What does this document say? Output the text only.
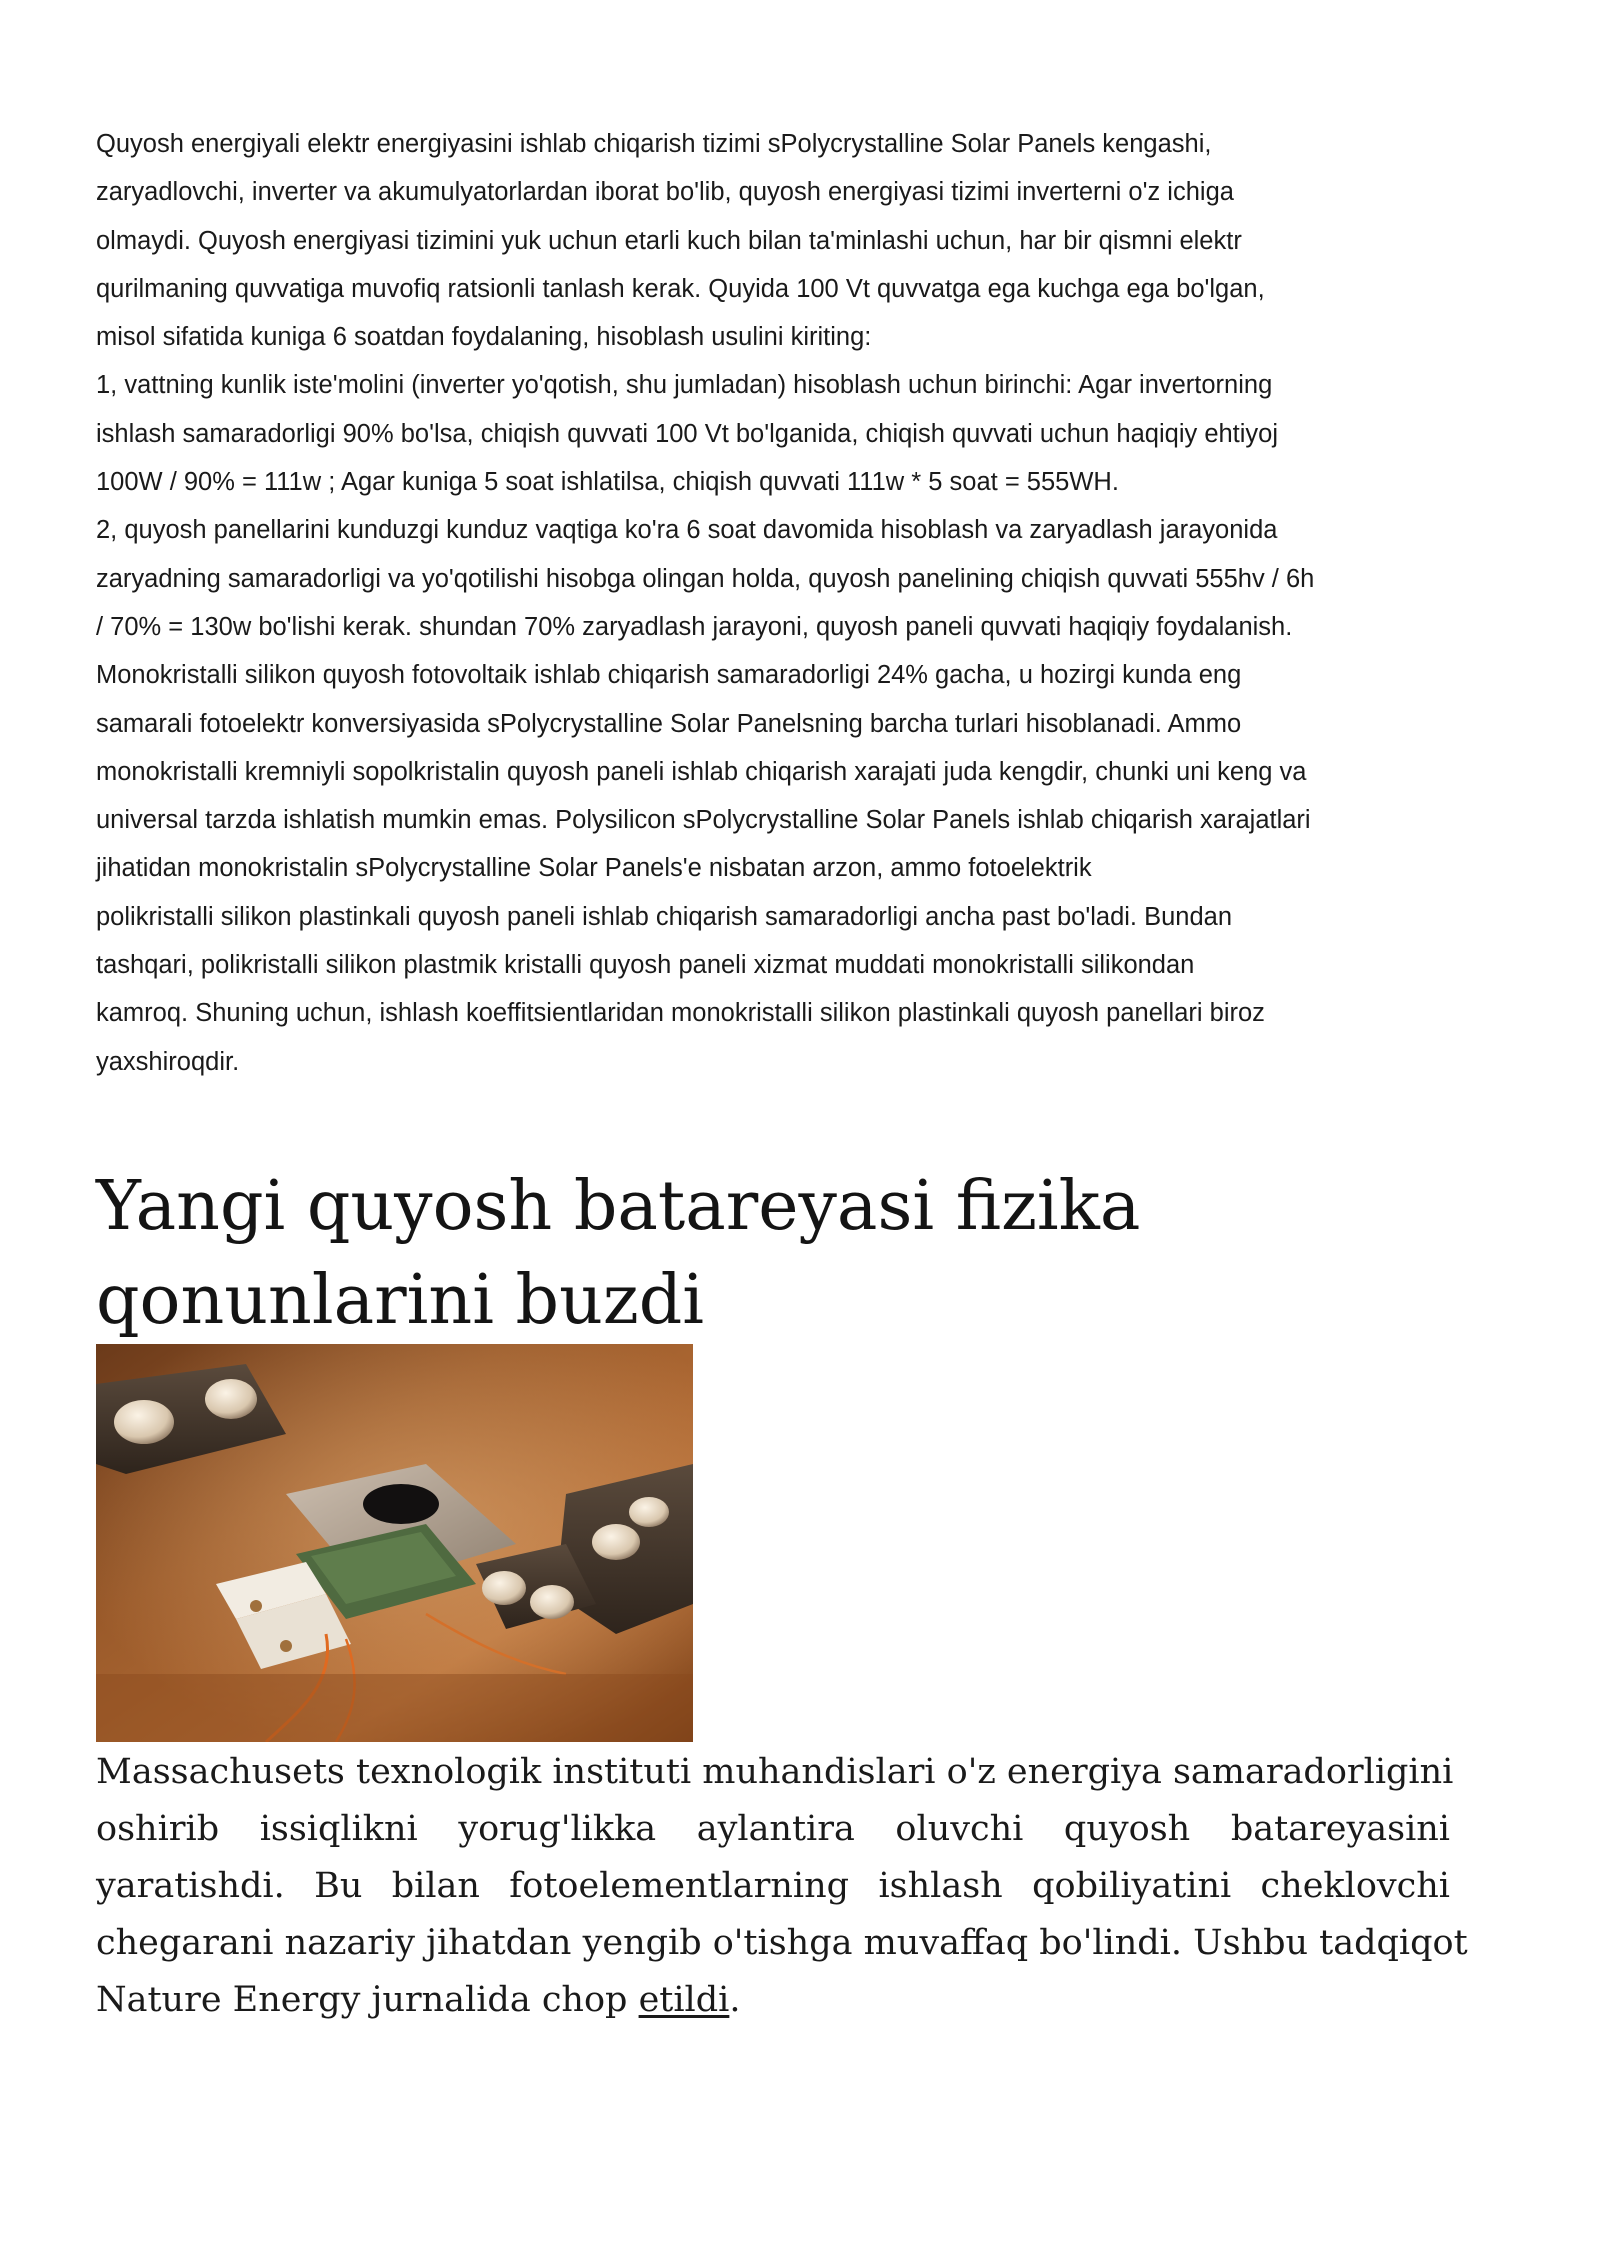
Quyosh energiyali elektr energiyasini ishlab chiqarish tizimi sPolycrystalline Solar Panels kengashi,
zaryadlovchi, inverter va akumulyatorlardan iborat bo'lib, quyosh energiyasi tizimi inverterni o'z ichiga
olmaydi. Quyosh energiyasi tizimini yuk uchun etarli kuch bilan ta'minlashi uchun, har bir qismni elektr
qurilmaning quvvatiga muvofiq ratsionli tanlash kerak. Quyida 100 Vt quvvatga ega kuchga ega bo'lgan,
misol sifatida kuniga 6 soatdan foydalaning, hisoblash usulini kiriting:
1, vattning kunlik iste'molini (inverter yo'qotish, shu jumladan) hisoblash uchun birinchi: Agar invertorning
ishlash samaradorligi 90% bo'lsa, chiqish quvvati 100 Vt bo'lganida, chiqish quvvati uchun haqiqiy ehtiyoj
100W / 90% = 111w ; Agar kuniga 5 soat ishlatilsa, chiqish quvvati 111w * 5 soat = 555WH.
2, quyosh panellarini kunduzgi kunduz vaqtiga ko'ra 6 soat davomida hisoblash va zaryadlash jarayonida
zaryadning samaradorligi va yo'qotilishi hisobga olingan holda, quyosh panelining chiqish quvvati 555hv / 6h
/ 70% = 130w bo'lishi kerak. shundan 70% zaryadlash jarayoni, quyosh paneli quvvati haqiqiy foydalanish.
Monokristalli silikon quyosh fotovoltaik ishlab chiqarish samaradorligi 24% gacha, u hozirgi kunda eng
samarali fotoelektr konversiyasida sPolycrystalline Solar Panelsning barcha turlari hisoblanadi. Ammo
monokristalli kremniyli sopolkristalin quyosh paneli ishlab chiqarish xarajati juda kengdir, chunki uni keng va
universal tarzda ishlatish mumkin emas. Polysilicon sPolycrystalline Solar Panels ishlab chiqarish xarajatlari
jihatidan monokristalin sPolycrystalline Solar Panels'e nisbatan arzon, ammo fotoelektrik
polikristalli silikon plastinkali quyosh paneli ishlab chiqarish samaradorligi ancha past bo'ladi. Bundan
tashqari, polikristalli silikon plastmik kristalli quyosh paneli xizmat muddati monokristalli silikondan
kamroq. Shuning uchun, ishlash koeffitsientlaridan monokristalli silikon plastinkali quyosh panellari biroz
yaxshiroqdir.

Yangi quyosh batareyasi fizika
qonunlarini buzdi
Massachusets texnologik instituti muhandislari o'z energiya samaradorligini
oshirib issiqlikni yorug'likka aylantira oluvchi quyosh batareyasini
yaratishdi. Bu bilan fotoelementlarning ishlash qobiliyatini cheklovchi
chegarani nazariy jihatdan yengib o'tishga muvaffaq bo'lindi. Ushbu tadqiqot
Nature Energy jurnalida chop etildi.
